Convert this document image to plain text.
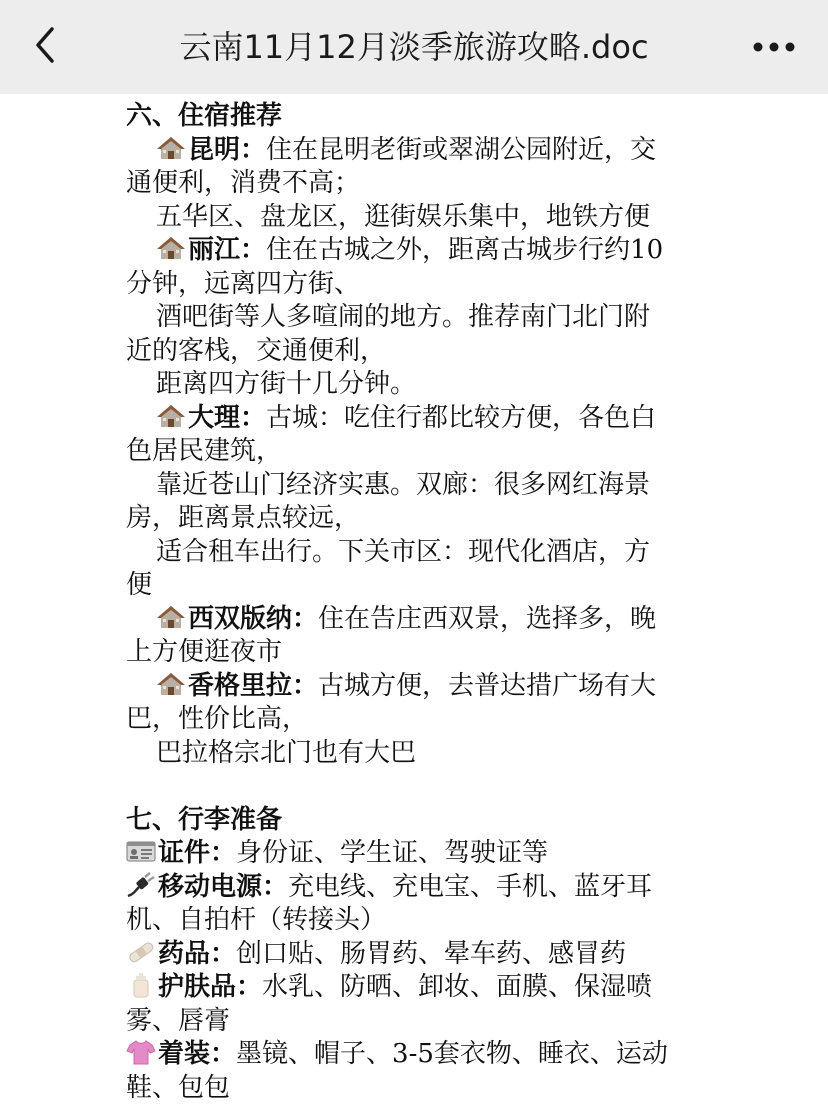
云南11月12月淡季旅游攻略.doc
六、住宿推荐
昆明：住在昆明老街或翠湖公园附近，交
通便利，消费不高；
五华区、盘龙区，逛街娱乐集中，地铁方便
丽江：住在古城之外，距离古城步行约10
分钟，远离四方街、
酒吧街等人多喧闹的地方。推荐南门北门附
近的客栈，交通便利，
距离四方街十几分钟。
大理：古城：吃住行都比较方便，各色白
色居民建筑，
靠近苍山门经济实惠。双廊：很多网红海景
房，距离景点较远，
适合租车出行。下关市区：现代化酒店，方
便
西双版纳：住在告庄西双景，选择多，晚
上方便逛夜市
香格里拉：古城方便，去普达措广场有大
巴，性价比高，
巴拉格宗北门也有大巴
七、行李准备
证件：身份证、学生证、驾驶证等
移动电源：充电线、充电宝、手机、蓝牙耳
机、自拍杆（转接头）
药品：创口贴、肠胃药、晕车药、感冒药
护肤品：水乳、防晒、卸妆、面膜、保湿喷
雾、唇膏
着装：墨镜、帽子、3-5套衣物、睡衣、运动
鞋、包包
